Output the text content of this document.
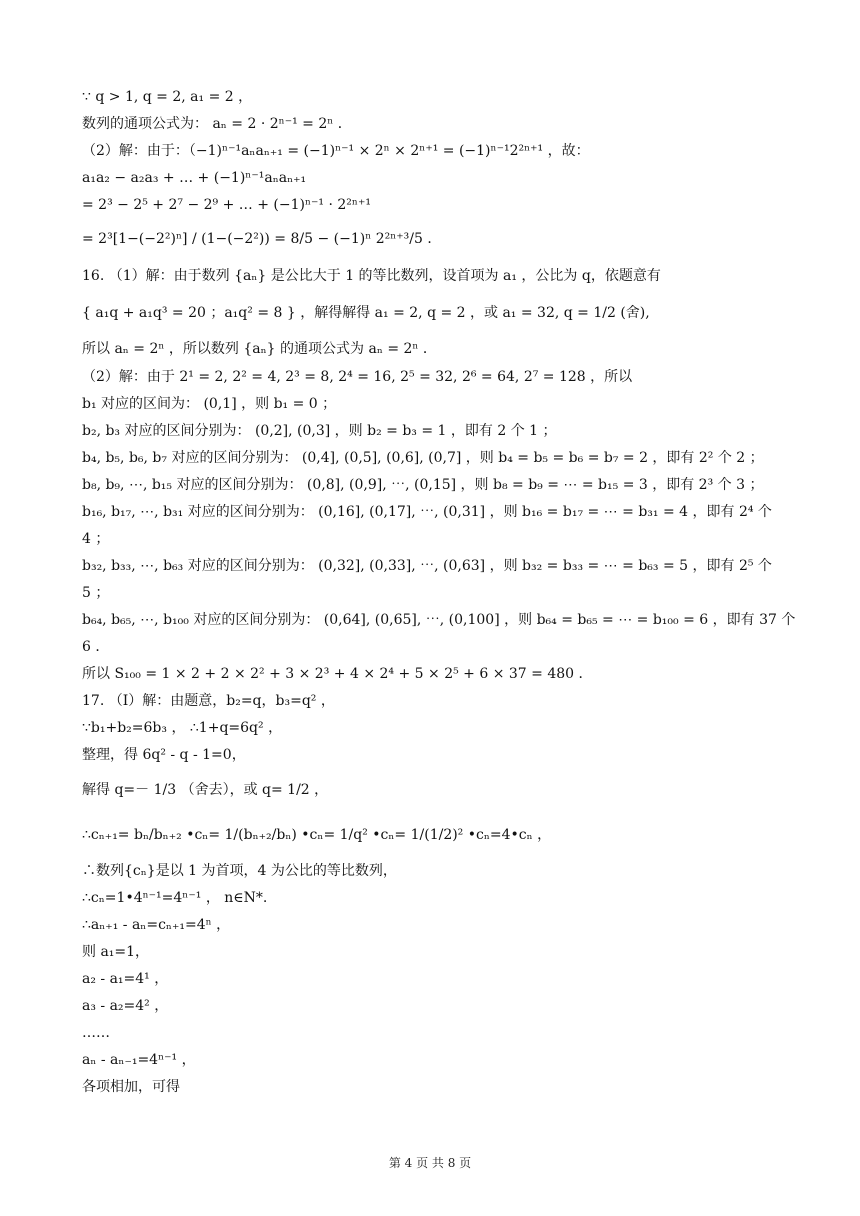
∵ q > 1, q = 2, a₁ = 2 ，
数列的通项公式为： aₙ = 2 · 2ⁿ⁻¹ = 2ⁿ ．
（2）解：由于：（−1)ⁿ⁻¹aₙaₙ₊₁ = (−1)ⁿ⁻¹ × 2ⁿ × 2ⁿ⁺¹ = (−1)ⁿ⁻¹2²ⁿ⁺¹ ，故：
a₁a₂ − a₂a₃ + … + (−1)ⁿ⁻¹aₙaₙ₊₁
= 2³ − 2⁵ + 2⁷ − 2⁹ + … + (−1)ⁿ⁻¹ · 2²ⁿ⁺¹
= 2³[1−(−2²)ⁿ] / (1−(−2²)) = 8/5 − (−1)ⁿ 2²ⁿ⁺³/5 ．
16. （1）解：由于数列 {aₙ} 是公比大于 1 的等比数列，设首项为 a₁ ，公比为 q，依题意有
{ a₁q + a₁q³ = 20 ；a₁q² = 8 } ，解得解得 a₁ = 2, q = 2 ，或 a₁ = 32, q = 1/2 (舍),
所以 aₙ = 2ⁿ ，所以数列 {aₙ} 的通项公式为 aₙ = 2ⁿ ．
（2）解：由于 2¹ = 2, 2² = 4, 2³ = 8, 2⁴ = 16, 2⁵ = 32, 2⁶ = 64, 2⁷ = 128 ，所以
b₁ 对应的区间为： (0,1] ，则 b₁ = 0 ；
b₂, b₃ 对应的区间分别为： (0,2], (0,3] ，则 b₂ = b₃ = 1 ，即有 2 个 1 ；
b₄, b₅, b₆, b₇ 对应的区间分别为： (0,4], (0,5], (0,6], (0,7] ，则 b₄ = b₅ = b₆ = b₇ = 2 ，即有 2² 个 2 ；
b₈, b₉, ⋯, b₁₅ 对应的区间分别为： (0,8], (0,9], ⋯, (0,15] ，则 b₈ = b₉ = ⋯ = b₁₅ = 3 ，即有 2³ 个 3 ；
b₁₆, b₁₇, ⋯, b₃₁ 对应的区间分别为： (0,16], (0,17], ⋯, (0,31] ，则 b₁₆ = b₁₇ = ⋯ = b₃₁ = 4 ，即有 2⁴ 个
4 ；
b₃₂, b₃₃, ⋯, b₆₃ 对应的区间分别为： (0,32], (0,33], ⋯, (0,63] ，则 b₃₂ = b₃₃ = ⋯ = b₆₃ = 5 ，即有 2⁵ 个
5 ；
b₆₄, b₆₅, ⋯, b₁₀₀ 对应的区间分别为： (0,64], (0,65], ⋯, (0,100] ，则 b₆₄ = b₆₅ = ⋯ = b₁₀₀ = 6 ，即有 37 个
6 ．
所以 S₁₀₀ = 1 × 2 + 2 × 2² + 3 × 2³ + 4 × 2⁴ + 5 × 2⁵ + 6 × 37 = 480 ．
17. （Ⅰ）解：由题意，b₂=q，b₃=q² ，
∵b₁+b₂=6b₃ ， ∴1+q=6q² ，
整理，得 6q² - q - 1=0，
解得 q=－ 1/3 （舍去），或 q= 1/2 ，
∴cₙ₊₁= bₙ/bₙ₊₂ •cₙ= 1/(bₙ₊₂/bₙ) •cₙ= 1/q² •cₙ= 1/(1/2)² •cₙ=4•cₙ ，
∴数列{cₙ}是以 1 为首项，4 为公比的等比数列，
∴cₙ=1•4ⁿ⁻¹=4ⁿ⁻¹ ， n∈N*.
∴aₙ₊₁ - aₙ=cₙ₊₁=4ⁿ ，
则 a₁=1，
a₂ - a₁=4¹ ，
a₃ - a₂=4² ，
……
aₙ - aₙ₋₁=4ⁿ⁻¹ ，
各项相加，可得
第 4 页 共 8 页
